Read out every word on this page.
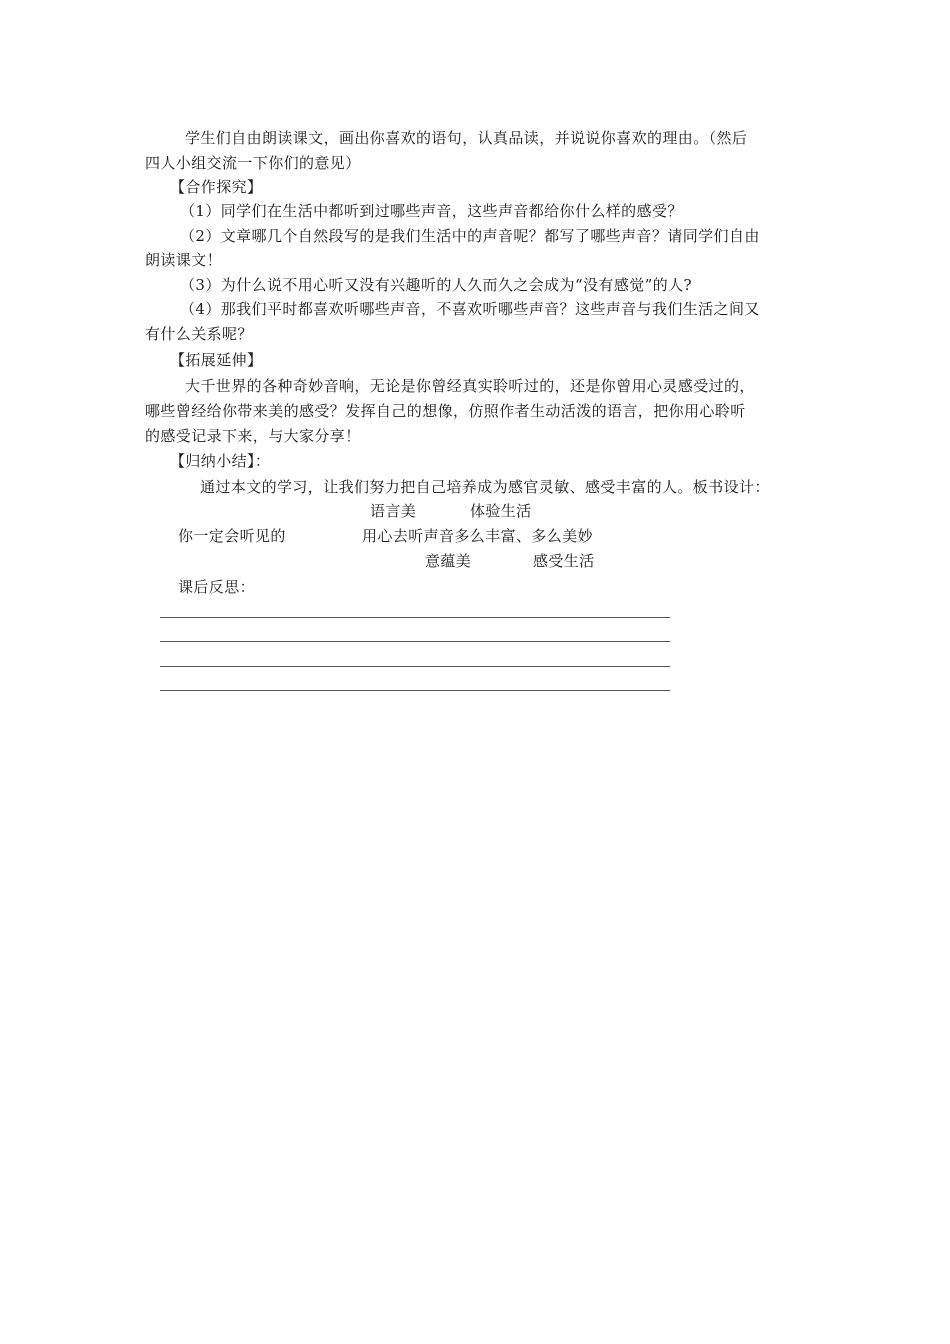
学生们自由朗读课文，画出你喜欢的语句，认真品读，并说说你喜欢的理由。（然后
四人小组交流一下你们的意见）
【合作探究】
（1）同学们在生活中都听到过哪些声音，这些声音都给你什么样的感受？
（2）文章哪几个自然段写的是我们生活中的声音呢？都写了哪些声音？请同学们自由
朗读课文！
（3）为什么说不用心听又没有兴趣听的人久而久之会成为“没有感觉”的人?
（4）那我们平时都喜欢听哪些声音，不喜欢听哪些声音？这些声音与我们生活之间又
有什么关系呢？
【拓展延伸】
大千世界的各种奇妙音响，无论是你曾经真实聆听过的，还是你曾用心灵感受过的，
哪些曾经给你带来美的感受？发挥自己的想像，仿照作者生动活泼的语言，把你用心聆听
的感受记录下来，与大家分享！
【归纳小结】：
通过本文的学习，让我们努力把自己培养成为感官灵敏、感受丰富的人。板书设计：
语言美	体验生活
你一定会听见的	用心去听声音多么丰富、多么美妙
意蕴美	感受生活
课后反思：
